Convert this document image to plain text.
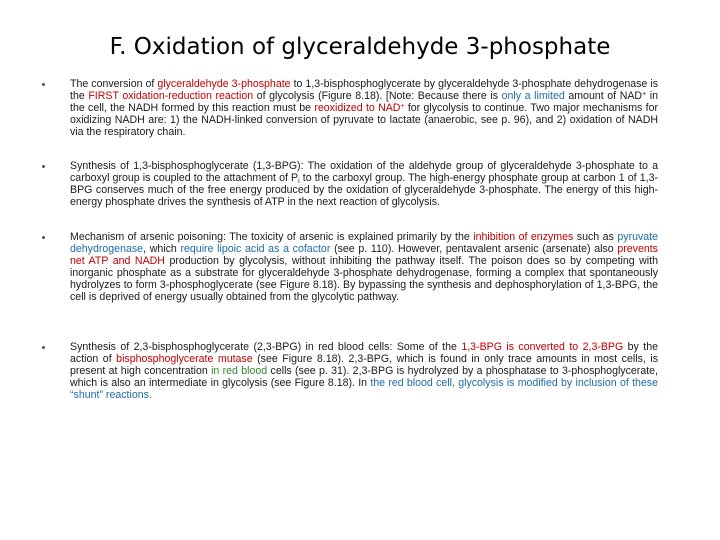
F. Oxidation of glyceraldehyde 3-phosphate
The conversion of glyceraldehyde 3-phosphate to 1,3-bisphosphoglycerate by glyceraldehyde 3-phosphate dehydrogenase is the FIRST oxidation-reduction reaction of glycolysis (Figure 8.18). [Note: Because there is only a limited amount of NAD+ in the cell, the NADH formed by this reaction must be reoxidized to NAD+ for glycolysis to continue. Two major mechanisms for oxidizing NADH are: 1) the NADH-linked conversion of pyruvate to lactate (anaerobic, see p. 96), and 2) oxidation of NADH via the respiratory chain.
Synthesis of 1,3-bisphosphoglycerate (1,3-BPG): The oxidation of the aldehyde group of glyceraldehyde 3-phosphate to a carboxyl group is coupled to the attachment of $P_i$ to the carboxyl group. The high-energy phosphate group at carbon 1 of 1,3-BPG conserves much of the free energy produced by the oxidation of glyceraldehyde 3-phosphate. The energy of this high-energy phosphate drives the synthesis of ATP in the next reaction of glycolysis.
Mechanism of arsenic poisoning: The toxicity of arsenic is explained primarily by the inhibition of enzymes such as pyruvate dehydrogenase, which require lipoic acid as a cofactor (see p. 110). However, pentavalent arsenic (arsenate) also prevents net ATP and NADH production by glycolysis, without inhibiting the pathway itself. The poison does so by competing with inorganic phosphate as a substrate for glyceraldehyde 3-phosphate dehydrogenase, forming a complex that spontaneously hydrolyzes to form 3-phosphoglycerate (see Figure 8.18). By bypassing the synthesis and dephosphorylation of 1,3-BPG, the cell is deprived of energy usually obtained from the glycolytic pathway.
Synthesis of 2,3-bisphosphoglycerate (2,3-BPG) in red blood cells: Some of the 1,3-BPG is converted to 2,3-BPG by the action of bisphosphoglycerate mutase (see Figure 8.18). 2,3-BPG, which is found in only trace amounts in most cells, is present at high concentration in red blood cells (see p. 31). 2,3-BPG is hydrolyzed by a phosphatase to 3-phosphoglycerate, which is also an intermediate in glycolysis (see Figure 8.18). In the red blood cell, glycolysis is modified by inclusion of these “shunt” reactions.
